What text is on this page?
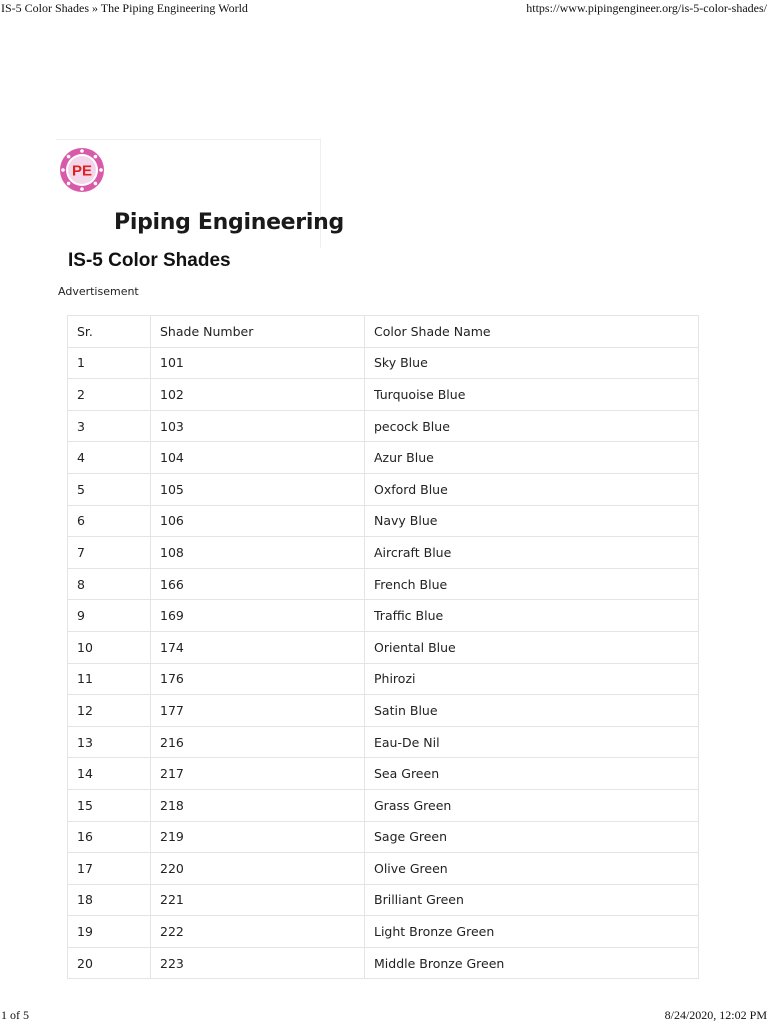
IS-5 Color Shades » The Piping Engineering World	https://www.pipingengineer.org/is-5-color-shades/
PE
Piping Engineering
IS-5 Color Shades
Advertisement
Sr.	Shade Number	Color Shade Name
1	101	Sky Blue
2	102	Turquoise Blue
3	103	pecock Blue
4	104	Azur Blue
5	105	Oxford Blue
6	106	Navy Blue
7	108	Aircraft Blue
8	166	French Blue
9	169	Traffic Blue
10	174	Oriental Blue
11	176	Phirozi
12	177	Satin Blue
13	216	Eau-De Nil
14	217	Sea Green
15	218	Grass Green
16	219	Sage Green
17	220	Olive Green
18	221	Brilliant Green
19	222	Light Bronze Green
20	223	Middle Bronze Green
1 of 5	8/24/2020, 12:02 PM
